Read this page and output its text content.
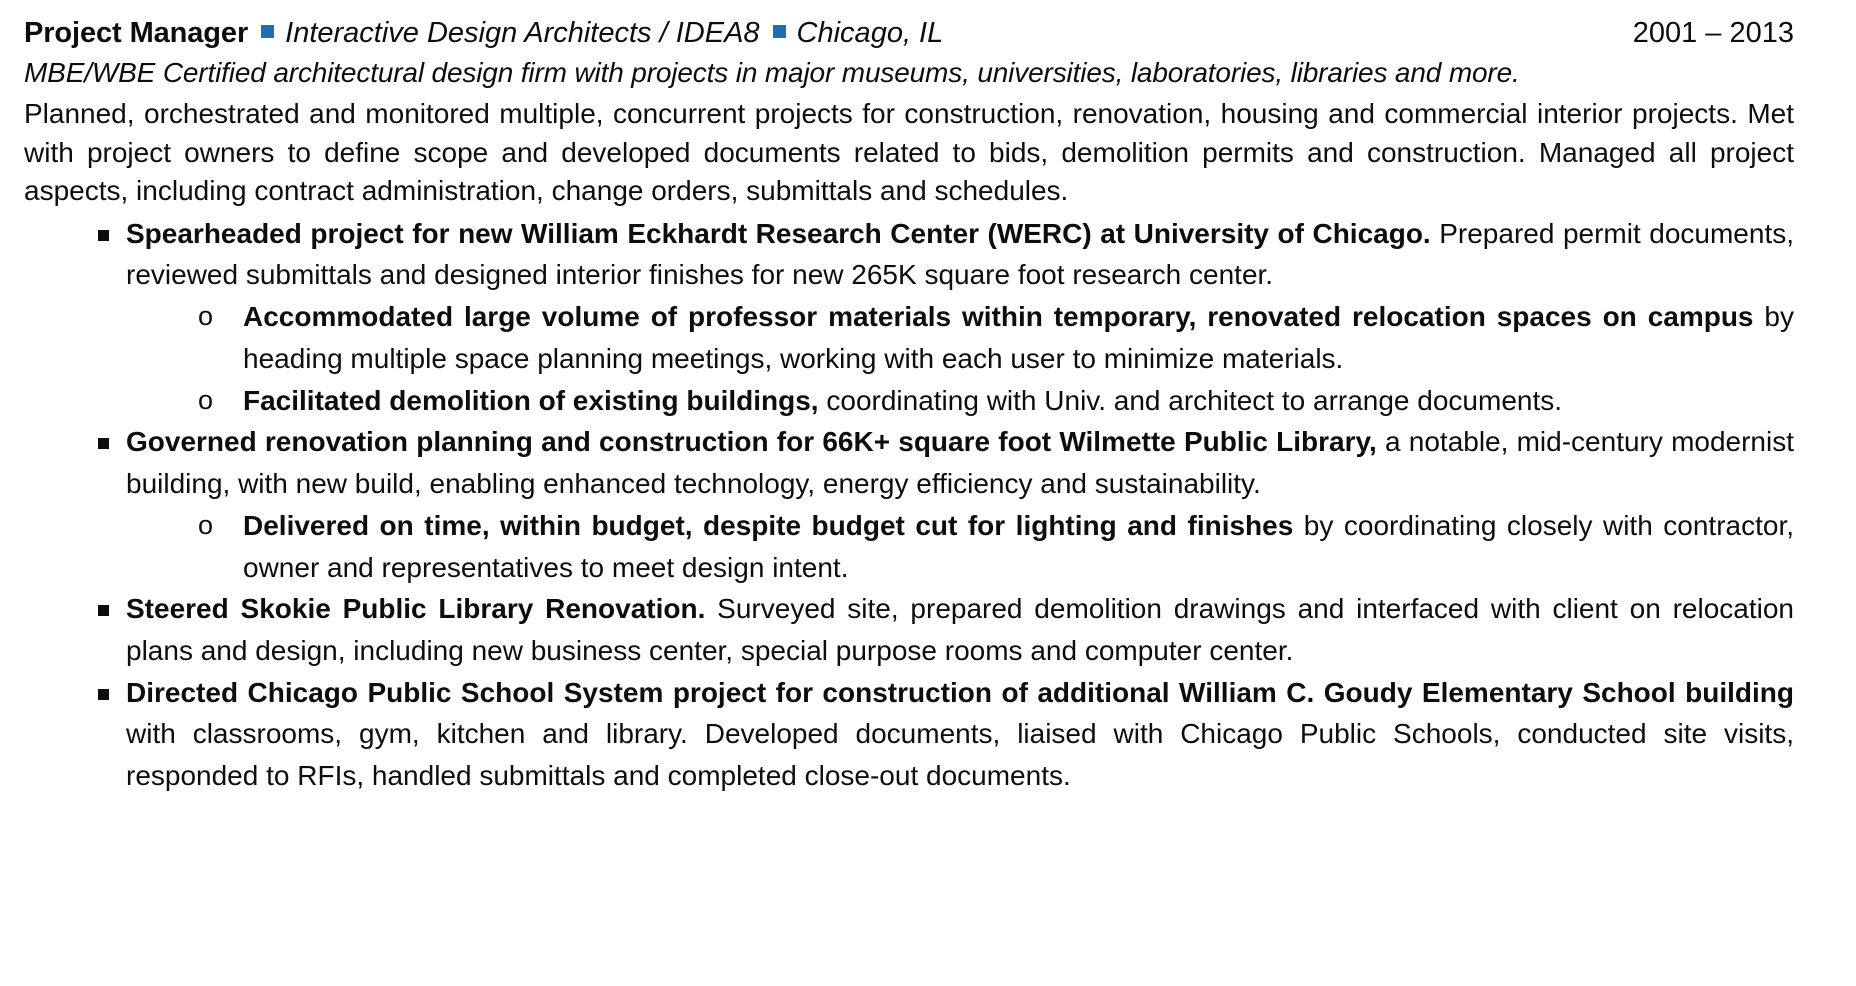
Project Manager Interactive Design Architects / IDEA8 Chicago, IL	2001 – 2013

MBE/WBE Certified architectural design firm with projects in major museums, universities, laboratories, libraries and more.

Planned, orchestrated and monitored multiple, concurrent projects for construction, renovation, housing and commercial interior projects. Met with project owners to define scope and developed documents related to bids, demolition permits and construction. Managed all project aspects, including contract administration, change orders, submittals and schedules.

Spearheaded project for new William Eckhardt Research Center (WERC) at University of Chicago. Prepared permit documents, reviewed submittals and designed interior finishes for new 265K square foot research center.
o Accommodated large volume of professor materials within temporary, renovated relocation spaces on campus by heading multiple space planning meetings, working with each user to minimize materials.
o Facilitated demolition of existing buildings, coordinating with Univ. and architect to arrange documents.
Governed renovation planning and construction for 66K+ square foot Wilmette Public Library, a notable, mid-century modernist building, with new build, enabling enhanced technology, energy efficiency and sustainability.
o Delivered on time, within budget, despite budget cut for lighting and finishes by coordinating closely with contractor, owner and representatives to meet design intent.
Steered Skokie Public Library Renovation. Surveyed site, prepared demolition drawings and interfaced with client on relocation plans and design, including new business center, special purpose rooms and computer center.
Directed Chicago Public School System project for construction of additional William C. Goudy Elementary School building with classrooms, gym, kitchen and library. Developed documents, liaised with Chicago Public Schools, conducted site visits, responded to RFIs, handled submittals and completed close-out documents.
